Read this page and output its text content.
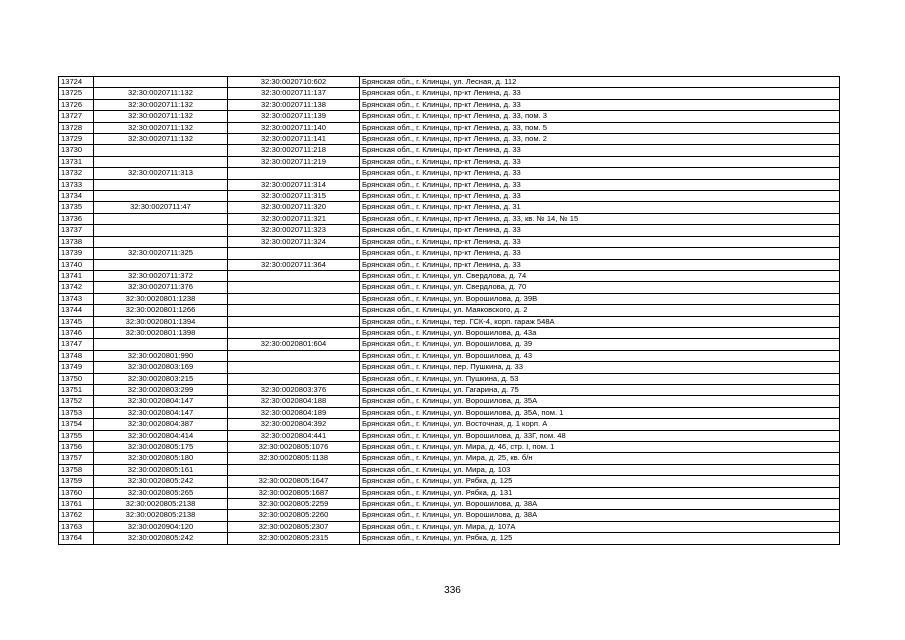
13724		32:30:0020710:602	Брянская обл., г. Клинцы, ул. Лесная, д. 112
13725	32:30:0020711:132	32:30:0020711:137	Брянская обл., г. Клинцы, пр-кт Ленина, д. 33
13726	32:30:0020711:132	32:30:0020711:138	Брянская обл., г. Клинцы, пр-кт Ленина, д. 33
13727	32:30:0020711:132	32:30:0020711:139	Брянская обл., г. Клинцы, пр-кт Ленина, д. 33, пом. 3
13728	32:30:0020711:132	32:30:0020711:140	Брянская обл., г. Клинцы, пр-кт Ленина, д. 33, пом. 5
13729	32:30:0020711:132	32:30:0020711:141	Брянская обл., г. Клинцы, пр-кт Ленина, д. 33, пом. 2
13730		32:30:0020711:218	Брянская обл., г. Клинцы, пр-кт Ленина, д. 33
13731		32:30:0020711:219	Брянская обл., г. Клинцы, пр-кт Ленина, д. 33
13732	32:30:0020711:313		Брянская обл., г. Клинцы, пр-кт Ленина, д. 33
13733		32:30:0020711:314	Брянская обл., г. Клинцы, пр-кт Ленина, д. 33
13734		32:30:0020711:315	Брянская обл., г. Клинцы, пр-кт Ленина, д. 33
13735	32:30:0020711:47	32:30:0020711:320	Брянская обл., г. Клинцы, пр-кт Ленина, д. 31
13736		32:30:0020711:321	Брянская обл., г. Клинцы, пр-кт Ленина, д. 33, кв. № 14, № 15
13737		32:30:0020711:323	Брянская обл., г. Клинцы, пр-кт Ленина, д. 33
13738		32:30:0020711:324	Брянская обл., г. Клинцы, пр-кт Ленина, д. 33
13739	32:30:0020711:325		Брянская обл., г. Клинцы, пр-кт Ленина, д. 33
13740		32:30:0020711:364	Брянская обл., г. Клинцы, пр-кт Ленина, д. 33
13741	32:30:0020711:372		Брянская обл., г. Клинцы, ул. Свердлова, д. 74
13742	32:30:0020711:376		Брянская обл., г. Клинцы, ул. Свердлова, д. 70
13743	32:30:0020801:1238		Брянская обл., г. Клинцы, ул. Ворошилова, д. 39В
13744	32:30:0020801:1266		Брянская обл., г. Клинцы, ул. Маяковского, д. 2
13745	32:30:0020801:1394		Брянская обл., г. Клинцы, тер. ГСК-4, корп. гараж 548А
13746	32:30:0020801:1398		Брянская обл., г. Клинцы, ул. Ворошилова, д. 43а
13747		32:30:0020801:604	Брянская обл., г. Клинцы, ул. Ворошилова, д. 39
13748	32:30:0020801:990		Брянская обл., г. Клинцы, ул. Ворошилова, д. 43
13749	32:30:0020803:169		Брянская обл., г. Клинцы, пер. Пушкина, д. 33
13750	32:30:0020803:215		Брянская обл., г. Клинцы, ул. Пушкина, д. 53
13751	32:30:0020803:299	32:30:0020803:376	Брянская обл., г. Клинцы, ул. Гагарина, д. 75
13752	32:30:0020804:147	32:30:0020804:188	Брянская обл., г. Клинцы, ул. Ворошилова, д. 35А
13753	32:30:0020804:147	32:30:0020804:189	Брянская обл., г. Клинцы, ул. Ворошилова, д. 35А, пом. 1
13754	32:30:0020804:387	32:30:0020804:392	Брянская обл., г. Клинцы, ул. Восточная, д. 1 корп. А
13755	32:30:0020804:414	32:30:0020804:441	Брянская обл., г. Клинцы, ул. Ворошилова, д. 33Г, пом. 48
13756	32:30:0020805:175	32:30:0020805:1076	Брянская обл., г. Клинцы, ул. Мира, д. 46, стр. I, пом. 1
13757	32:30:0020805:180	32:30:0020805:1138	Брянская обл., г. Клинцы, ул. Мира, д. 25, кв. б/н
13758	32:30:0020805:161		Брянская обл., г. Клинцы, ул. Мира, д. 103
13759	32:30:0020805:242	32:30:0020805:1647	Брянская обл., г. Клинцы, ул. Рябка, д. 125
13760	32:30:0020805:265	32:30:0020805:1687	Брянская обл., г. Клинцы, ул. Рябка, д. 131
13761	32:30:0020805:2138	32:30:0020805:2259	Брянская обл., г. Клинцы, ул. Ворошилова, д. 38А
13762	32:30:0020805:2138	32:30:0020805:2260	Брянская обл., г. Клинцы, ул. Ворошилова, д. 38А
13763	32:30:0020904:120	32:30:0020805:2307	Брянская обл., г. Клинцы, ул. Мира, д. 107А
13764	32:30:0020805:242	32:30:0020805:2315	Брянская обл., г. Клинцы, ул. Рябка, д. 125
336
